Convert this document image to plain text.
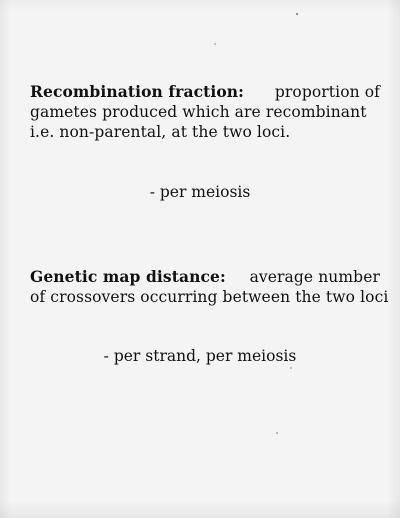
Recombination fraction: proportion of
gametes produced which are recombinant
i.e. non-parental, at the two loci.
- per meiosis
Genetic map distance: average number
of crossovers occurring between the two loci
- per strand, per meiosis
